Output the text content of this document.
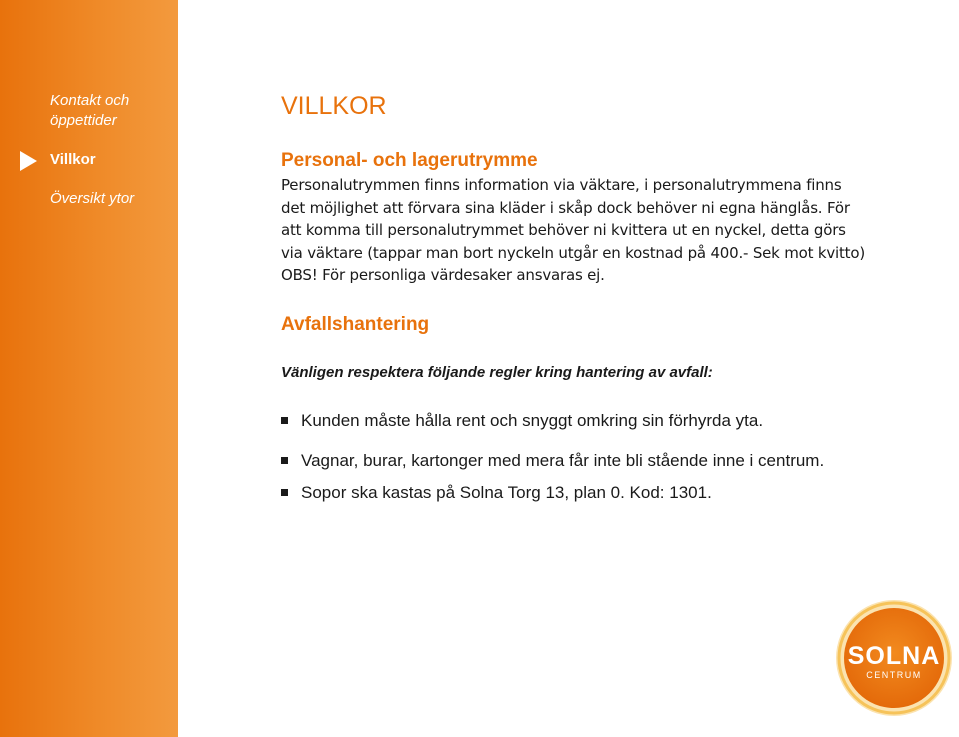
Kontakt och
öppettider
Villkor
Översikt ytor
VILLKOR
Personal- och lagerutrymme
Personalutrymmen finns information via väktare, i personalutrymmena finns
det möjlighet att förvara sina kläder i skåp dock behöver ni egna hänglås. För
att komma till personalutrymmet behöver ni kvittera ut en nyckel, detta görs
via väktare (tappar man bort nyckeln utgår en kostnad på 400.- Sek mot kvitto)
OBS! För personliga värdesaker ansvaras ej.
Avfallshantering
Vänligen respektera följande regler kring hantering av avfall:
Kunden måste hålla rent och snyggt omkring sin förhyrda yta.
Vagnar, burar, kartonger med mera får inte bli stående inne i centrum.
Sopor ska kastas på Solna Torg 13, plan 0. Kod: 1301.
SOLNA
CENTRUM
